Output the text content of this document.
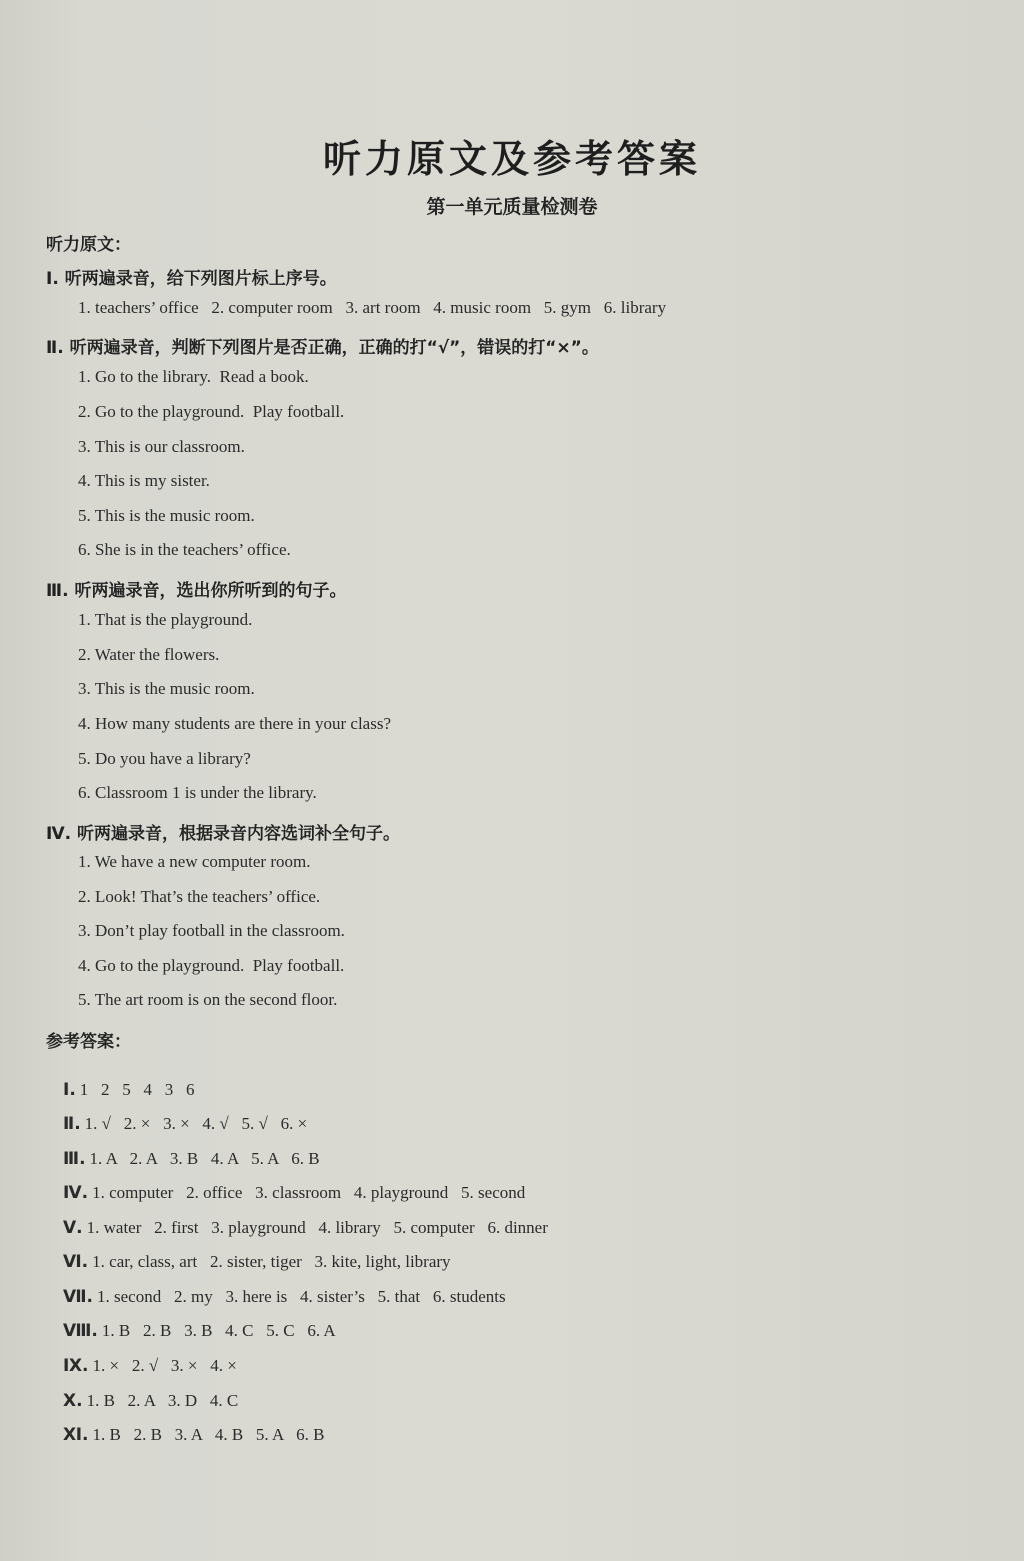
听力原文及参考答案
第一单元质量检测卷
听力原文：
Ⅰ. 听两遍录音，给下列图片标上序号。
1. teachers’ office   2. computer room   3. art room   4. music room   5. gym   6. library
Ⅱ. 听两遍录音，判断下列图片是否正确，正确的打“√”，错误的打“×”。
1. Go to the library.  Read a book.
2. Go to the playground.  Play football.
3. This is our classroom.
4. This is my sister.
5. This is the music room.
6. She is in the teachers’ office.
Ⅲ. 听两遍录音，选出你所听到的句子。
1. That is the playground.
2. Water the flowers.
3. This is the music room.
4. How many students are there in your class?
5. Do you have a library?
6. Classroom 1 is under the library.
Ⅳ. 听两遍录音，根据录音内容选词补全句子。
1. We have a new computer room.
2. Look! That’s the teachers’ office.
3. Don’t play football in the classroom.
4. Go to the playground.  Play football.
5. The art room is on the second floor.
参考答案：

Ⅰ. 1   2   5   4   3   6

Ⅱ. 1. √   2. ×   3. ×   4. √   5. √   6. ×

Ⅲ. 1. A   2. A   3. B   4. A   5. A   6. B

Ⅳ. 1. computer   2. office   3. classroom   4. playground   5. second

Ⅴ. 1. water   2. first   3. playground   4. library   5. computer   6. dinner

Ⅵ. 1. car, class, art   2. sister, tiger   3. kite, light, library

Ⅶ. 1. second   2. my   3. here is   4. sister’s   5. that   6. students

Ⅷ. 1. B   2. B   3. B   4. C   5. C   6. A

Ⅸ. 1. ×   2. √   3. ×   4. ×

Ⅹ. 1. B   2. A   3. D   4. C

Ⅺ. 1. B   2. B   3. A   4. B   5. A   6. B
